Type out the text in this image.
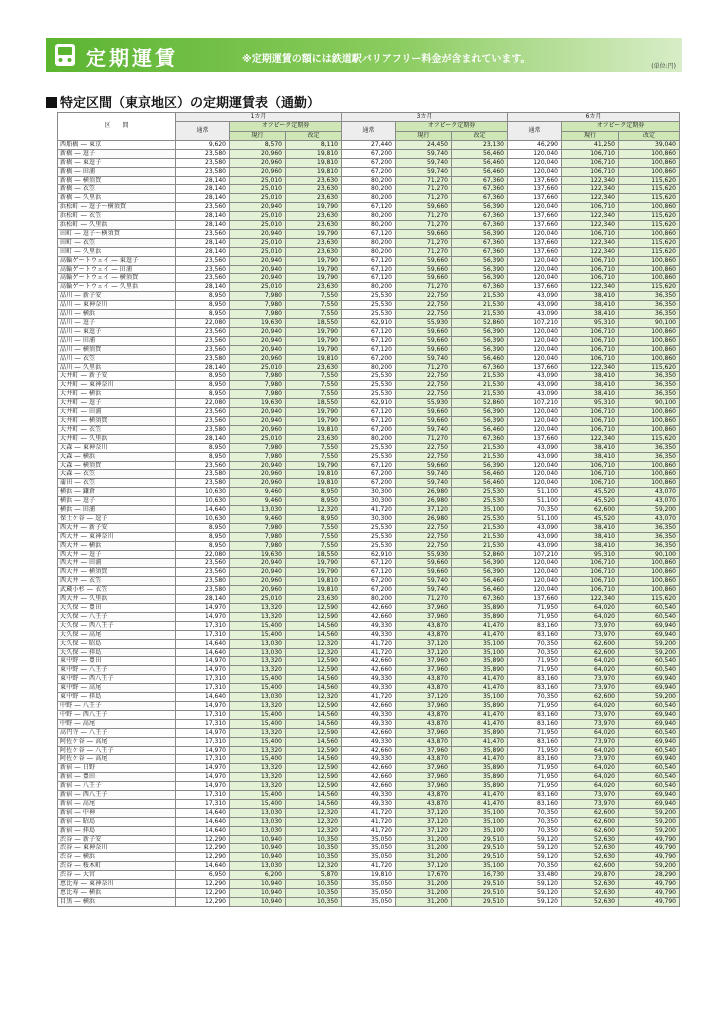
定期運賃	※定期運賃の額には鉄道駅バリアフリー料金が含まれています。
(単位:円)
特定区間（東京地区）の定期運賃表（通勤）
区　　間	1カ月			3カ月			6カ月		
	通常	オフピーク定期券		通常	オフピーク定期券		通常	オフピーク定期券	
		現行	改定		現行	改定		現行	改定
西船橋 ― 東京	9,620	8,570	8,110	27,440	24,450	23,130	46,290	41,250	39,040
新橋 ― 逗子	23,580	20,960	19,810	67,200	59,740	56,460	120,040	106,710	100,860
新橋 ― 東逗子	23,580	20,960	19,810	67,200	59,740	56,460	120,040	106,710	100,860
新橋 ― 田浦	23,580	20,960	19,810	67,200	59,740	56,460	120,040	106,710	100,860
新橋 ― 横須賀	28,140	25,010	23,630	80,200	71,270	67,360	137,660	122,340	115,620
新橋 ― 衣笠	28,140	25,010	23,630	80,200	71,270	67,360	137,660	122,340	115,620
新橋 ― 久里浜	28,140	25,010	23,630	80,200	71,270	67,360	137,660	122,340	115,620
浜松町 ― 逗子〜横須賀	23,560	20,940	19,790	67,120	59,660	56,390	120,040	106,710	100,860
浜松町 ― 衣笠	28,140	25,010	23,630	80,200	71,270	67,360	137,660	122,340	115,620
浜松町 ― 久里浜	28,140	25,010	23,630	80,200	71,270	67,360	137,660	122,340	115,620
田町 ― 逗子〜横須賀	23,560	20,940	19,790	67,120	59,660	56,390	120,040	106,710	100,860
田町 ― 衣笠	28,140	25,010	23,630	80,200	71,270	67,360	137,660	122,340	115,620
田町 ― 久里浜	28,140	25,010	23,630	80,200	71,270	67,360	137,660	122,340	115,620
高輪ゲートウェイ ― 東逗子	23,560	20,940	19,790	67,120	59,660	56,390	120,040	106,710	100,860
高輪ゲートウェイ ― 田浦	23,560	20,940	19,790	67,120	59,660	56,390	120,040	106,710	100,860
高輪ゲートウェイ ― 横須賀	23,560	20,940	19,790	67,120	59,660	56,390	120,040	106,710	100,860
高輪ゲートウェイ ― 久里浜	28,140	25,010	23,630	80,200	71,270	67,360	137,660	122,340	115,620
品川 ― 新子安	8,950	7,980	7,550	25,530	22,750	21,530	43,090	38,410	36,350
品川 ― 東神奈川	8,950	7,980	7,550	25,530	22,750	21,530	43,090	38,410	36,350
品川 ― 横浜	8,950	7,980	7,550	25,530	22,750	21,530	43,090	38,410	36,350
品川 ― 逗子	22,080	19,630	18,550	62,910	55,930	52,860	107,210	95,310	90,100
品川 ― 東逗子	23,560	20,940	19,790	67,120	59,660	56,390	120,040	106,710	100,860
品川 ― 田浦	23,560	20,940	19,790	67,120	59,660	56,390	120,040	106,710	100,860
品川 ― 横須賀	23,560	20,940	19,790	67,120	59,660	56,390	120,040	106,710	100,860
品川 ― 衣笠	23,580	20,960	19,810	67,200	59,740	56,460	120,040	106,710	100,860
品川 ― 久里浜	28,140	25,010	23,630	80,200	71,270	67,360	137,660	122,340	115,620
大井町 ― 新子安	8,950	7,980	7,550	25,530	22,750	21,530	43,090	38,410	36,350
大井町 ― 東神奈川	8,950	7,980	7,550	25,530	22,750	21,530	43,090	38,410	36,350
大井町 ― 横浜	8,950	7,980	7,550	25,530	22,750	21,530	43,090	38,410	36,350
大井町 ― 逗子	22,080	19,630	18,550	62,910	55,930	52,860	107,210	95,310	90,100
大井町 ― 田浦	23,560	20,940	19,790	67,120	59,660	56,390	120,040	106,710	100,860
大井町 ― 横須賀	23,560	20,940	19,790	67,120	59,660	56,390	120,040	106,710	100,860
大井町 ― 衣笠	23,580	20,960	19,810	67,200	59,740	56,460	120,040	106,710	100,860
大井町 ― 久里浜	28,140	25,010	23,630	80,200	71,270	67,360	137,660	122,340	115,620
大森 ― 東神奈川	8,950	7,980	7,550	25,530	22,750	21,530	43,090	38,410	36,350
大森 ― 横浜	8,950	7,980	7,550	25,530	22,750	21,530	43,090	38,410	36,350
大森 ― 横須賀	23,560	20,940	19,790	67,120	59,660	56,390	120,040	106,710	100,860
大森 ― 衣笠	23,580	20,960	19,810	67,200	59,740	56,460	120,040	106,710	100,860
蒲田 ― 衣笠	23,580	20,960	19,810	67,200	59,740	56,460	120,040	106,710	100,860
横浜 ― 鎌倉	10,630	9,460	8,950	30,300	26,980	25,530	51,100	45,520	43,070
横浜 ― 逗子	10,630	9,460	8,950	30,300	26,980	25,530	51,100	45,520	43,070
横浜 ― 田浦	14,640	13,030	12,320	41,720	37,120	35,100	70,350	62,600	59,200
保土ケ谷 ― 逗子	10,630	9,460	8,950	30,300	26,980	25,530	51,100	45,520	43,070
西大井 ― 新子安	8,950	7,980	7,550	25,530	22,750	21,530	43,090	38,410	36,350
西大井 ― 東神奈川	8,950	7,980	7,550	25,530	22,750	21,530	43,090	38,410	36,350
西大井 ― 横浜	8,950	7,980	7,550	25,530	22,750	21,530	43,090	38,410	36,350
西大井 ― 逗子	22,080	19,630	18,550	62,910	55,930	52,860	107,210	95,310	90,100
西大井 ― 田浦	23,560	20,940	19,790	67,120	59,660	56,390	120,040	106,710	100,860
西大井 ― 横須賀	23,560	20,940	19,790	67,120	59,660	56,390	120,040	106,710	100,860
西大井 ― 衣笠	23,580	20,960	19,810	67,200	59,740	56,460	120,040	106,710	100,860
武蔵小杉 ― 衣笠	23,580	20,960	19,810	67,200	59,740	56,460	120,040	106,710	100,860
西大井 ― 久里浜	28,140	25,010	23,630	80,200	71,270	67,360	137,660	122,340	115,620
大久保 ― 豊田	14,970	13,320	12,590	42,660	37,960	35,890	71,950	64,020	60,540
大久保 ― 八王子	14,970	13,320	12,590	42,660	37,960	35,890	71,950	64,020	60,540
大久保 ― 西八王子	17,310	15,400	14,560	49,330	43,870	41,470	83,160	73,970	69,940
大久保 ― 高尾	17,310	15,400	14,560	49,330	43,870	41,470	83,160	73,970	69,940
大久保 ― 昭島	14,640	13,030	12,320	41,720	37,120	35,100	70,350	62,600	59,200
大久保 ― 拝島	14,640	13,030	12,320	41,720	37,120	35,100	70,350	62,600	59,200
東中野 ― 豊田	14,970	13,320	12,590	42,660	37,960	35,890	71,950	64,020	60,540
東中野 ― 八王子	14,970	13,320	12,590	42,660	37,960	35,890	71,950	64,020	60,540
東中野 ― 西八王子	17,310	15,400	14,560	49,330	43,870	41,470	83,160	73,970	69,940
東中野 ― 高尾	17,310	15,400	14,560	49,330	43,870	41,470	83,160	73,970	69,940
東中野 ― 拝島	14,640	13,030	12,320	41,720	37,120	35,100	70,350	62,600	59,200
中野 ― 八王子	14,970	13,320	12,590	42,660	37,960	35,890	71,950	64,020	60,540
中野 ― 西八王子	17,310	15,400	14,560	49,330	43,870	41,470	83,160	73,970	69,940
中野 ― 高尾	17,310	15,400	14,560	49,330	43,870	41,470	83,160	73,970	69,940
高円寺 ― 八王子	14,970	13,320	12,590	42,660	37,960	35,890	71,950	64,020	60,540
阿佐ケ谷 ― 高尾	17,310	15,400	14,560	49,330	43,870	41,470	83,160	73,970	69,940
阿佐ケ谷 ― 八王子	14,970	13,320	12,590	42,660	37,960	35,890	71,950	64,020	60,540
阿佐ケ谷 ― 高尾	17,310	15,400	14,560	49,330	43,870	41,470	83,160	73,970	69,940
新宿 ― 日野	14,970	13,320	12,590	42,660	37,960	35,890	71,950	64,020	60,540
新宿 ― 豊田	14,970	13,320	12,590	42,660	37,960	35,890	71,950	64,020	60,540
新宿 ― 八王子	14,970	13,320	12,590	42,660	37,960	35,890	71,950	64,020	60,540
新宿 ― 西八王子	17,310	15,400	14,560	49,330	43,870	41,470	83,160	73,970	69,940
新宿 ― 高尾	17,310	15,400	14,560	49,330	43,870	41,470	83,160	73,970	69,940
新宿 ― 中神	14,640	13,030	12,320	41,720	37,120	35,100	70,350	62,600	59,200
新宿 ― 昭島	14,640	13,030	12,320	41,720	37,120	35,100	70,350	62,600	59,200
新宿 ― 拝島	14,640	13,030	12,320	41,720	37,120	35,100	70,350	62,600	59,200
渋谷 ― 新子安	12,290	10,940	10,350	35,050	31,200	29,510	59,120	52,630	49,790
渋谷 ― 東神奈川	12,290	10,940	10,350	35,050	31,200	29,510	59,120	52,630	49,790
渋谷 ― 横浜	12,290	10,940	10,350	35,050	31,200	29,510	59,120	52,630	49,790
渋谷 ― 桜木町	14,640	13,030	12,320	41,720	37,120	35,100	70,350	62,600	59,200
渋谷 ― 大宮	6,950	6,200	5,870	19,810	17,670	16,730	33,480	29,870	28,290
恵比寿 ― 東神奈川	12,290	10,940	10,350	35,050	31,200	29,510	59,120	52,630	49,790
恵比寿 ― 横浜	12,290	10,940	10,350	35,050	31,200	29,510	59,120	52,630	49,790
目黒 ― 横浜	12,290	10,940	10,350	35,050	31,200	29,510	59,120	52,630	49,790
